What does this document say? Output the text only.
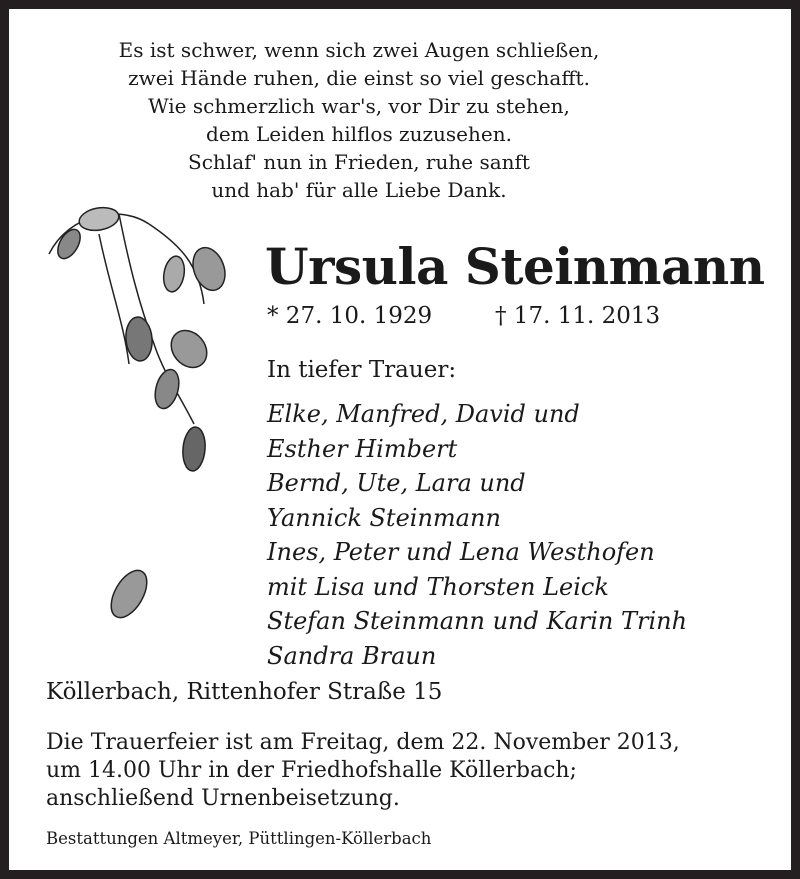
Es ist schwer, wenn sich zwei Augen schließen,
zwei Hände ruhen, die einst so viel geschafft.
Wie schmerzlich war's, vor Dir zu stehen,
dem Leiden hilflos zuzusehen.
Schlaf' nun in Frieden, ruhe sanft
und hab' für alle Liebe Dank.
Ursula Steinmann
* 27. 10. 1929	† 17. 11. 2013
In tiefer Trauer:
Elke, Manfred, David und
Esther Himbert
Bernd, Ute, Lara und
Yannick Steinmann
Ines, Peter und Lena Westhofen
mit Lisa und Thorsten Leick
Stefan Steinmann und Karin Trinh
Sandra Braun
Köllerbach, Rittenhofer Straße 15
Die Trauerfeier ist am Freitag, dem 22. November 2013,
um 14.00 Uhr in der Friedhofshalle Köllerbach;
anschließend Urnenbeisetzung.
Bestattungen Altmeyer, Püttlingen-Köllerbach
